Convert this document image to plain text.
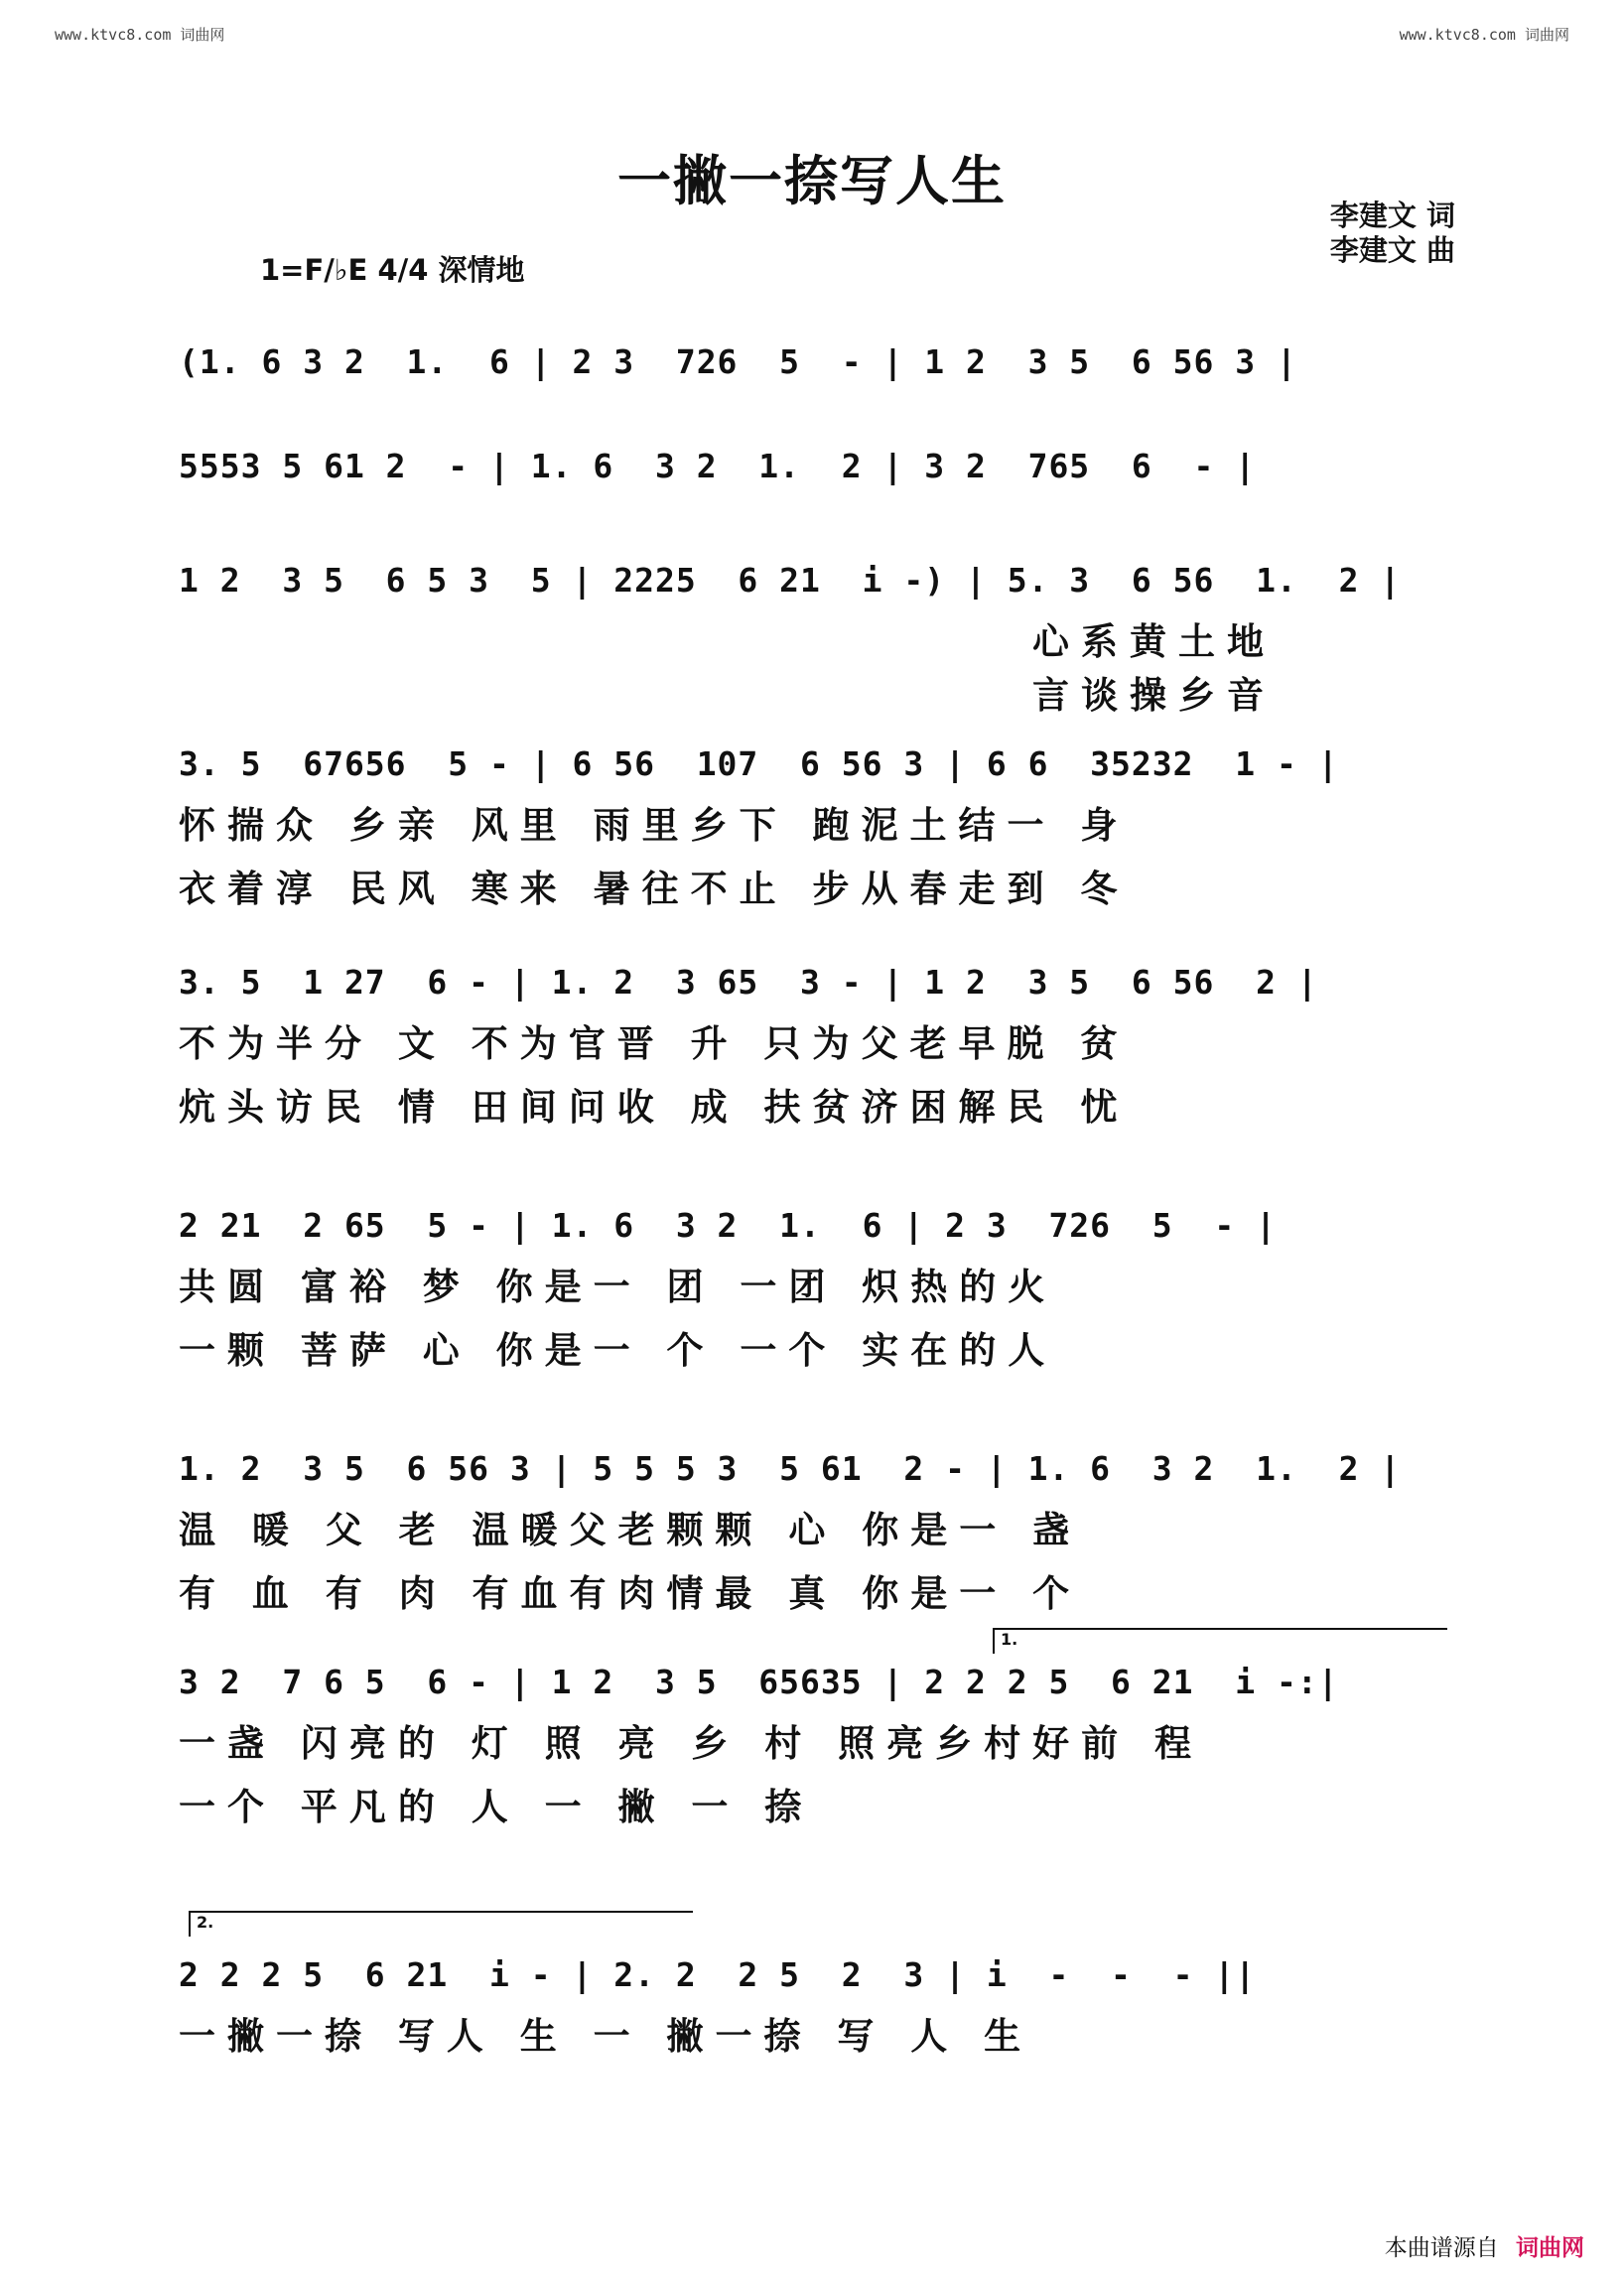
www.ktvc8.com 词曲网	www.ktvc8.com 词曲网
一撇一捺写人生
李建文 词
李建文 曲
1=F/♭E 4/4 深情地
(1. 6 3 2  1.  6 | 2 3  726  5  - | 1 2  3 5  6 56 3 |
5553 5 61 2  - | 1. 6  3 2  1.  2 | 3 2  765  6  - |
1 2  3 5  6 5 3  5 | 2225  6 21  i -) | 5. 3  6 56  1.  2 |
心系黄土地
言谈操乡音
3. 5  67656  5 - | 6 56  107  6 56 3 | 6 6  35232  1 - |
怀揣众 乡亲 风里 雨里乡下 跑泥土结一 身
衣着淳 民风 寒来 暑往不止 步从春走到 冬
3. 5  1 27  6 - | 1. 2  3 65  3 - | 1 2  3 5  6 56  2 |
不为半分 文 不为官晋 升 只为父老早脱 贫
炕头访民 情 田间问收 成 扶贫济困解民 忧
2 21  2 65  5 - | 1. 6  3 2  1.  6 | 2 3  726  5  - |
共圆 富裕 梦 你是一 团 一团 炽热的火
一颗 菩萨 心 你是一 个 一个 实在的人
1. 2  3 5  6 56 3 | 5 5 5 3  5 61  2 - | 1. 6  3 2  1.  2 |
温 暖 父 老 温暖父老颗颗 心 你是一 盏
有 血 有 肉 有血有肉情最 真 你是一 个
1.
3 2  7 6 5  6 - | 1 2  3 5  65635 | 2 2 2 5  6 21  i -:|
一盏 闪亮的 灯 照 亮 乡 村 照亮乡村好前 程
一个 平凡的 人 一 撇 一 捺
2.
2 2 2 5  6 21  i - | 2. 2  2 5  2  3 | i  -  -  - ||
一撇一捺 写人 生 一 撇一捺 写 人 生
本曲谱源自 词曲网
